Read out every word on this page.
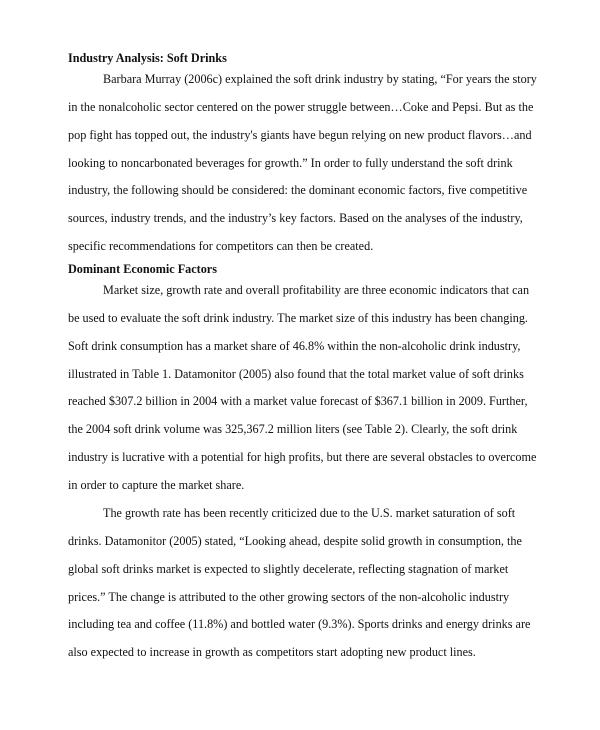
Industry Analysis: Soft Drinks
Barbara Murray (2006c) explained the soft drink industry by stating, “For years the story
in the nonalcoholic sector centered on the power struggle between…Coke and Pepsi. But as the
pop fight has topped out, the industry's giants have begun relying on new product flavors…and
looking to noncarbonated beverages for growth.” In order to fully understand the soft drink
industry, the following should be considered: the dominant economic factors, five competitive
sources, industry trends, and the industry’s key factors. Based on the analyses of the industry,
specific recommendations for competitors can then be created.
Dominant Economic Factors
Market size, growth rate and overall profitability are three economic indicators that can
be used to evaluate the soft drink industry. The market size of this industry has been changing.
Soft drink consumption has a market share of 46.8% within the non-alcoholic drink industry,
illustrated in Table 1. Datamonitor (2005) also found that the total market value of soft drinks
reached $307.2 billion in 2004 with a market value forecast of $367.1 billion in 2009. Further,
the 2004 soft drink volume was 325,367.2 million liters (see Table 2). Clearly, the soft drink
industry is lucrative with a potential for high profits, but there are several obstacles to overcome
in order to capture the market share.
The growth rate has been recently criticized due to the U.S. market saturation of soft
drinks. Datamonitor (2005) stated, “Looking ahead, despite solid growth in consumption, the
global soft drinks market is expected to slightly decelerate, reflecting stagnation of market
prices.” The change is attributed to the other growing sectors of the non-alcoholic industry
including tea and coffee (11.8%) and bottled water (9.3%). Sports drinks and energy drinks are
also expected to increase in growth as competitors start adopting new product lines.
